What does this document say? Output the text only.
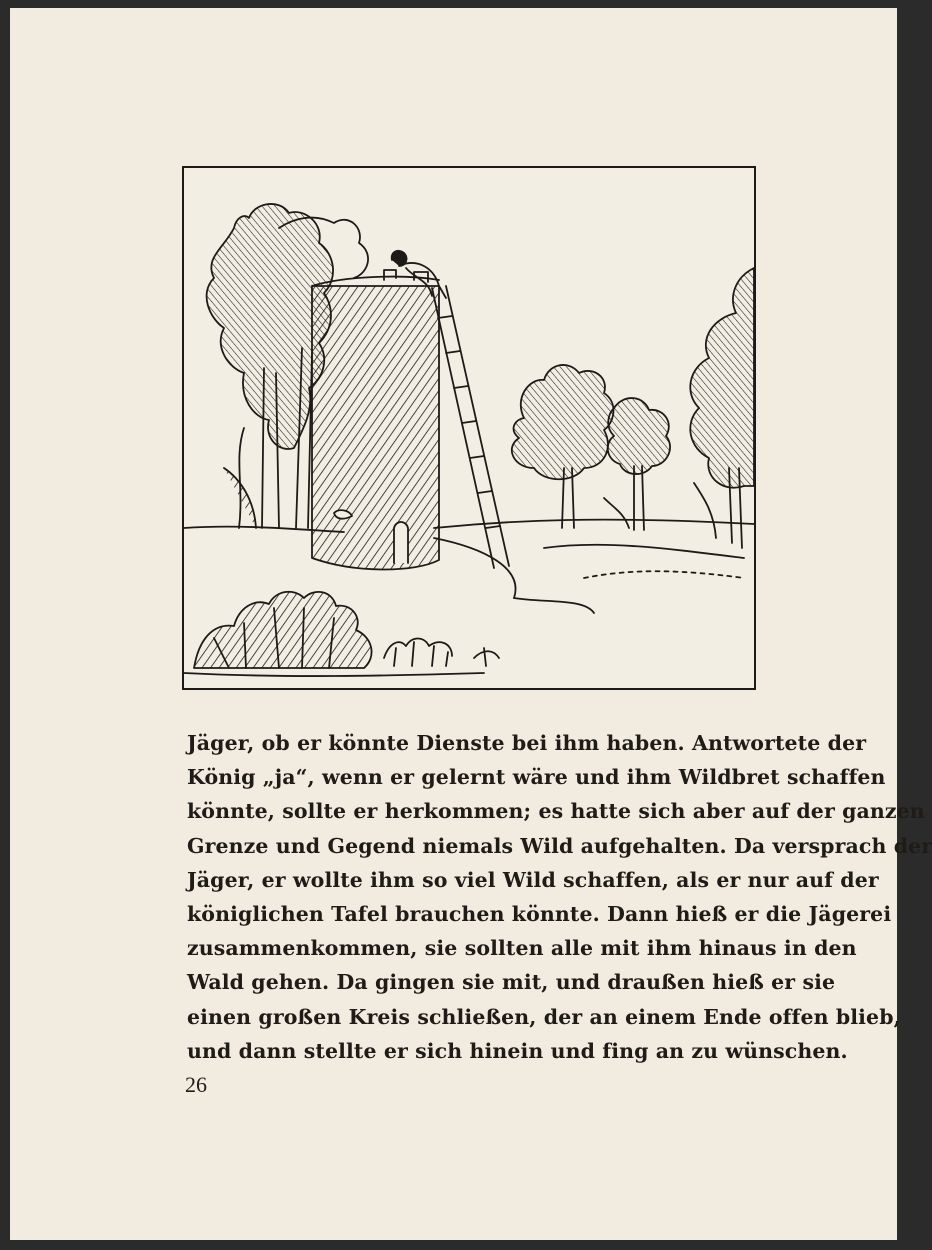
Jäger, ob er könnte Dienste bei ihm haben. Antwortete der
König „ja“, wenn er gelernt wäre und ihm Wildbret schaffen
könnte, sollte er herkommen; es hatte sich aber auf der ganzen
Grenze und Gegend niemals Wild aufgehalten. Da versprach der
Jäger, er wollte ihm so viel Wild schaffen, als er nur auf der
königlichen Tafel brauchen könnte. Dann hieß er die Jägerei
zusammenkommen, sie sollten alle mit ihm hinaus in den
Wald gehen. Da gingen sie mit, und draußen hieß er sie
einen großen Kreis schließen, der an einem Ende offen blieb,
und dann stellte er sich hinein und fing an zu wünschen.
26
